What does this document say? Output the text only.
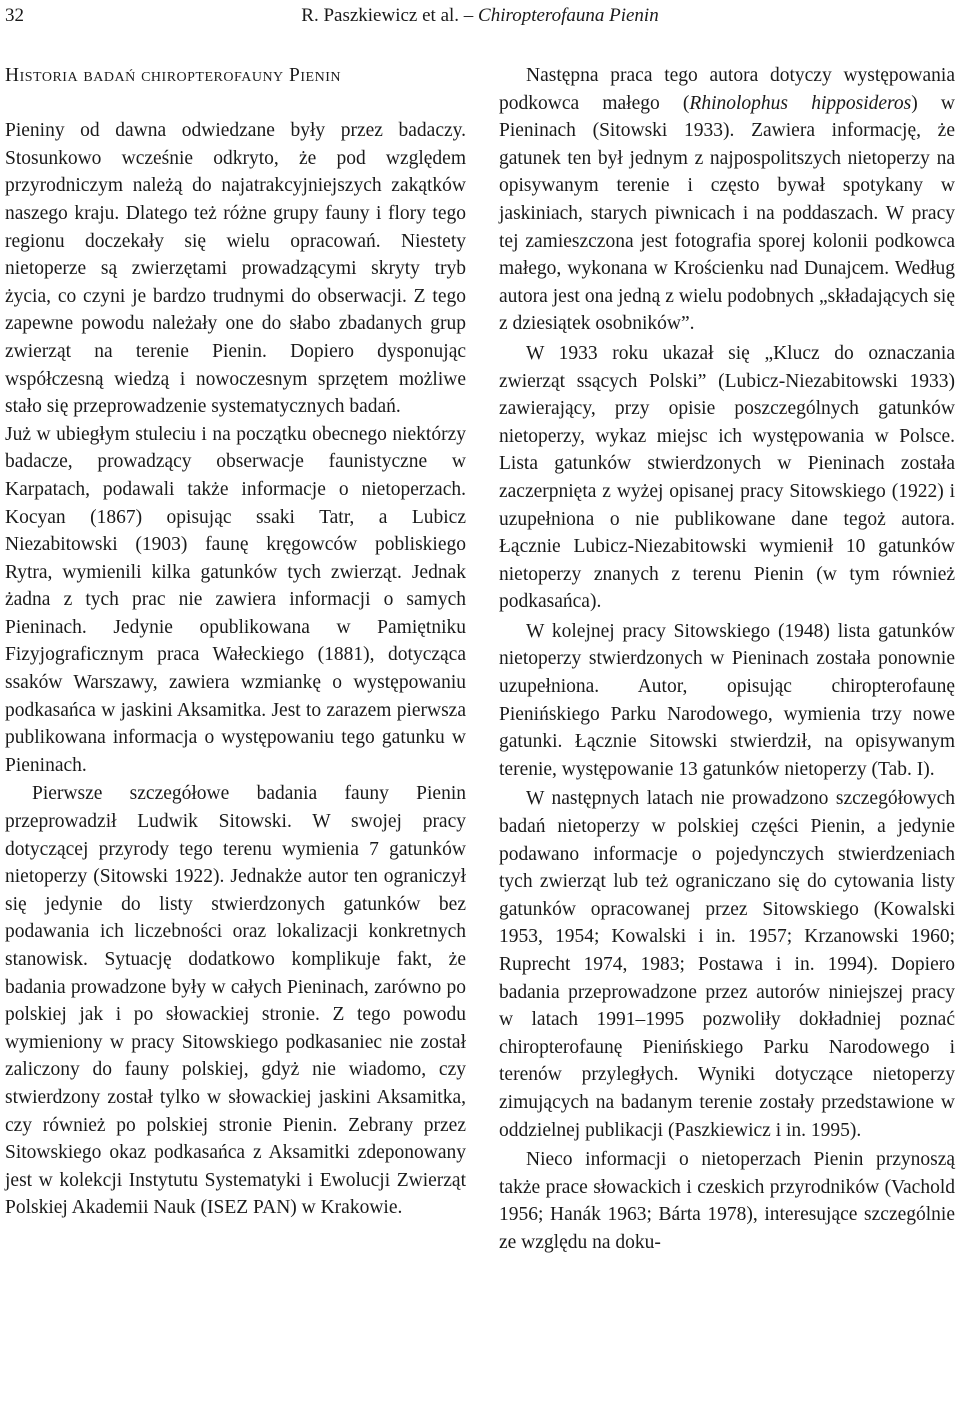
32	R. Paszkiewicz et al. – Chiropterofauna Pienin
Historia badań chiropterofauny Pienin

Pieniny od dawna odwiedzane były przez badaczy. Stosunkowo wcześnie odkryto, że pod względem przyrodniczym należą do najatrakcyjniejszych zakątków naszego kraju. Dlatego też różne grupy fauny i flory tego regionu doczekały się wielu opracowań. Niestety nietoperze są zwierzętami prowadzącymi skryty tryb życia, co czyni je bardzo trudnymi do obserwacji. Z tego zapewne powodu należały one do słabo zbadanych grup zwierząt na terenie Pienin. Dopiero dysponując współczesną wiedzą i nowoczesnym sprzętem możliwe stało się przeprowadzenie systematycznych badań.

Już w ubiegłym stuleciu i na początku obecnego niektórzy badacze, prowadzący obserwacje faunistyczne w Karpatach, podawali także informacje o nietoperzach. Kocyan (1867) opisując ssaki Tatr, a Lubicz Niezabitowski (1903) faunę kręgowców pobliskiego Rytra, wymienili kilka gatunków tych zwierząt. Jednak żadna z tych prac nie zawiera informacji o samych Pieninach. Jedynie opublikowana w Pamiętniku Fizyjograficznym praca Wałeckiego (1881), dotycząca ssaków Warszawy, zawiera wzmiankę o występowaniu podkasańca w jaskini Aksamitka. Jest to zarazem pierwsza publikowana informacja o występowaniu tego gatunku w Pieninach.

Pierwsze szczegółowe badania fauny Pienin przeprowadził Ludwik Sitowski. W swojej pracy dotyczącej przyrody tego terenu wymienia 7 gatunków nietoperzy (Sitowski 1922). Jednakże autor ten ograniczył się jedynie do listy stwierdzonych gatunków bez podawania ich liczebności oraz lokalizacji konkretnych stanowisk. Sytuację dodatkowo komplikuje fakt, że badania prowadzone były w całych Pieninach, zarówno po polskiej jak i po słowackiej stronie. Z tego powodu wymieniony w pracy Sitowskiego podkasaniec nie został zaliczony do fauny polskiej, gdyż nie wiadomo, czy stwierdzony został tylko w słowackiej jaskini Aksamitka, czy również po polskiej stronie Pienin. Zebrany przez Sitowskiego okaz podkasańca z Aksamitki zdeponowany jest w kolekcji Instytutu Systematyki i Ewolucji Zwierząt Polskiej Akademii Nauk (ISEZ PAN) w Krakowie.

Następna praca tego autora dotyczy występowania podkowca małego (Rhinolophus hipposideros) w Pieninach (Sitowski 1933). Zawiera informację, że gatunek ten był jednym z najpospolitszych nietoperzy na opisywanym terenie i często bywał spotykany w jaskiniach, starych piwnicach i na poddaszach. W pracy tej zamieszczona jest fotografia sporej kolonii podkowca małego, wykonana w Krościenku nad Dunajcem. Według autora jest ona jedną z wielu podobnych „składających się z dziesiątek osobników”.

W 1933 roku ukazał się „Klucz do oznaczania zwierząt ssących Polski” (Lubicz-Niezabitowski 1933) zawierający, przy opisie poszczególnych gatunków nietoperzy, wykaz miejsc ich występowania w Polsce. Lista gatunków stwierdzonych w Pieninach została zaczerpnięta z wyżej opisanej pracy Sitowskiego (1922) i uzupełniona o nie publikowane dane tegoż autora. Łącznie Lubicz-Niezabitowski wymienił 10 gatunków nietoperzy znanych z terenu Pienin (w tym również podkasańca).

W kolejnej pracy Sitowskiego (1948) lista gatunków nietoperzy stwierdzonych w Pieninach została ponownie uzupełniona. Autor, opisując chiropterofaunę Pienińskiego Parku Narodowego, wymienia trzy nowe gatunki. Łącznie Sitowski stwierdził, na opisywanym terenie, występowanie 13 gatunków nietoperzy (Tab. I).

W następnych latach nie prowadzono szczegółowych badań nietoperzy w polskiej części Pienin, a jedynie podawano informacje o pojedynczych stwierdzeniach tych zwierząt lub też ograniczano się do cytowania listy gatunków opracowanej przez Sitowskiego (Kowalski 1953, 1954; Kowalski i in. 1957; Krzanowski 1960; Ruprecht 1974, 1983; Postawa i in. 1994). Dopiero badania przeprowadzone przez autorów niniejszej pracy w latach 1991–1995 pozwoliły dokładniej poznać chiropterofaunę Pienińskiego Parku Narodowego i terenów przyległych. Wyniki dotyczące nietoperzy zimujących na badanym terenie zostały przedstawione w oddzielnej publikacji (Paszkiewicz i in. 1995).

Nieco informacji o nietoperzach Pienin przynoszą także prace słowackich i czeskich przyrodników (Vachold 1956; Hanák 1963; Bárta 1978), interesujące szczególnie ze względu na doku-
